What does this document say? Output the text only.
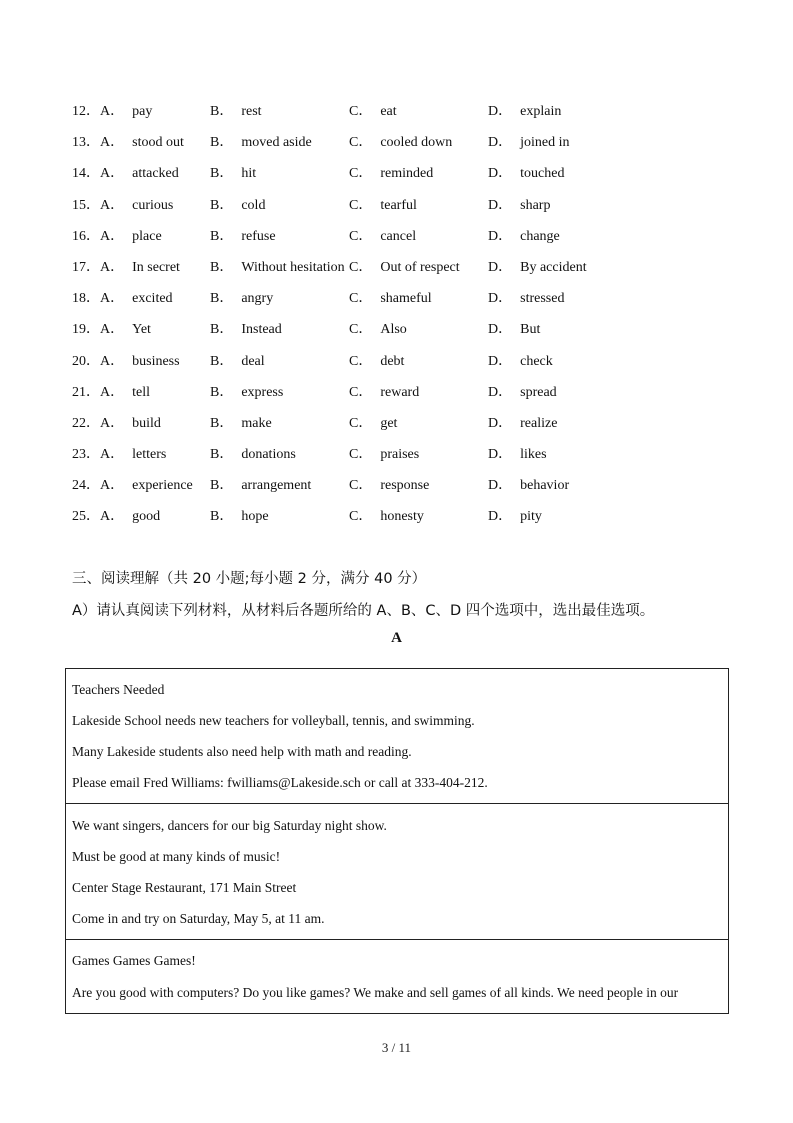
12． A． pay	B． rest	C． eat	D． explain
13． A． stood out B． moved aside	C． cooled down	D． joined in
14． A． attacked B． hit	C． reminded	D． touched
15． A． curious	B． cold	C． tearful	D． sharp
16． A． place	B． refuse	C． cancel	D． change
17． A． In secret B． Without hesitation C． Out of respect D． By accident
18． A． excited	B． angry	C． shameful	D． stressed
19． A． Yet	B． Instead	C． Also	D． But
20． A． business B． deal	C． debt	D． check
21． A． tell	B． express	C． reward	D． spread
22． A． build	B． make	C． get	D． realize
23． A． letters	B． donations	C． praises	D． likes
24． A． experience B． arrangement	C． response	D． behavior
25． A． good	B． hope	C． honesty	D． pity
三、阅读理解（共 20 小题;每小题 2 分，满分 40 分）
A）请认真阅读下列材料，从材料后各题所给的 A、B、C、D 四个选项中，选出最佳选项。
A
Teachers Needed
Lakeside School needs new teachers for volleyball, tennis, and swimming.
Many Lakeside students also need help with math and reading.
Please email Fred Williams: fwilliams@Lakeside.sch or call at 333-404-212.
We want singers, dancers for our big Saturday night show.
Must be good at many kinds of music!
Center Stage Restaurant, 171 Main Street
Come in and try on Saturday, May 5, at 11 am.
Games Games Games!
Are you good with computers? Do you like games? We make and sell games of all kinds. We need people in our
3 / 11
